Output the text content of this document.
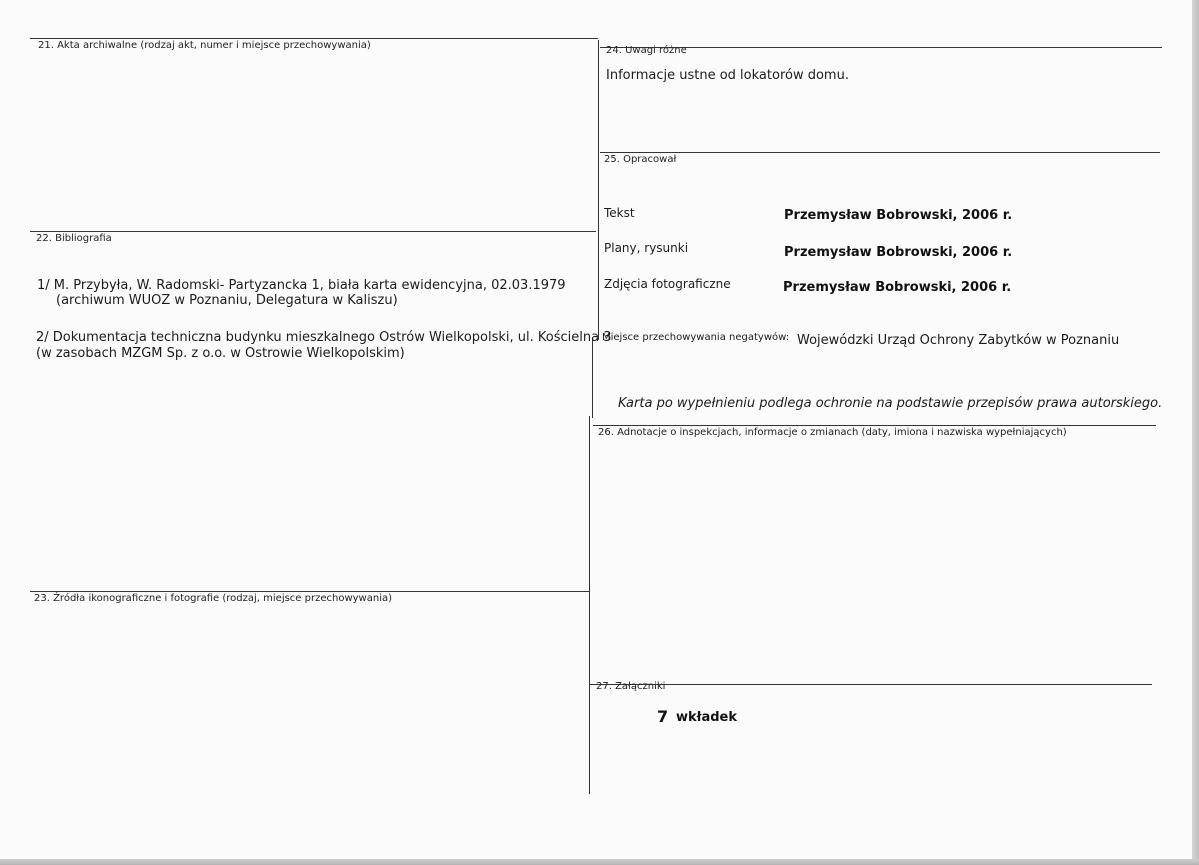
21. Akta archiwalne (rodzaj akt, numer i miejsce przechowywania)	24. Uwagi różne
Informacje ustne od lokatorów domu.
25. Opracował
Tekst	Przemysław Bobrowski, 2006 r.
Plany, rysunki	Przemysław Bobrowski, 2006 r.
Zdjęcia fotograficzne	Przemysław Bobrowski, 2006 r.
Miejsce przechowywania negatywów: Wojewódzki Urząd Ochrony Zabytków w Poznaniu
Karta po wypełnieniu podlega ochronie na podstawie przepisów prawa autorskiego.
22. Bibliografia
1/ M. Przybyła, W. Radomski- Partyzancka 1, biała karta ewidencyjna, 02.03.1979
(archiwum WUOZ w Poznaniu, Delegatura w Kaliszu)
2/ Dokumentacja techniczna budynku mieszkalnego Ostrów Wielkopolski, ul. Kościelna 3
(w zasobach MZGM Sp. z o.o. w Ostrowie Wielkopolskim)
26. Adnotacje o inspekcjach, informacje o zmianach (daty, imiona i nazwiska wypełniających)
23. Źródła ikonograficzne i fotografie (rodzaj, miejsce przechowywania)
27. Załączniki
7 wkładek
